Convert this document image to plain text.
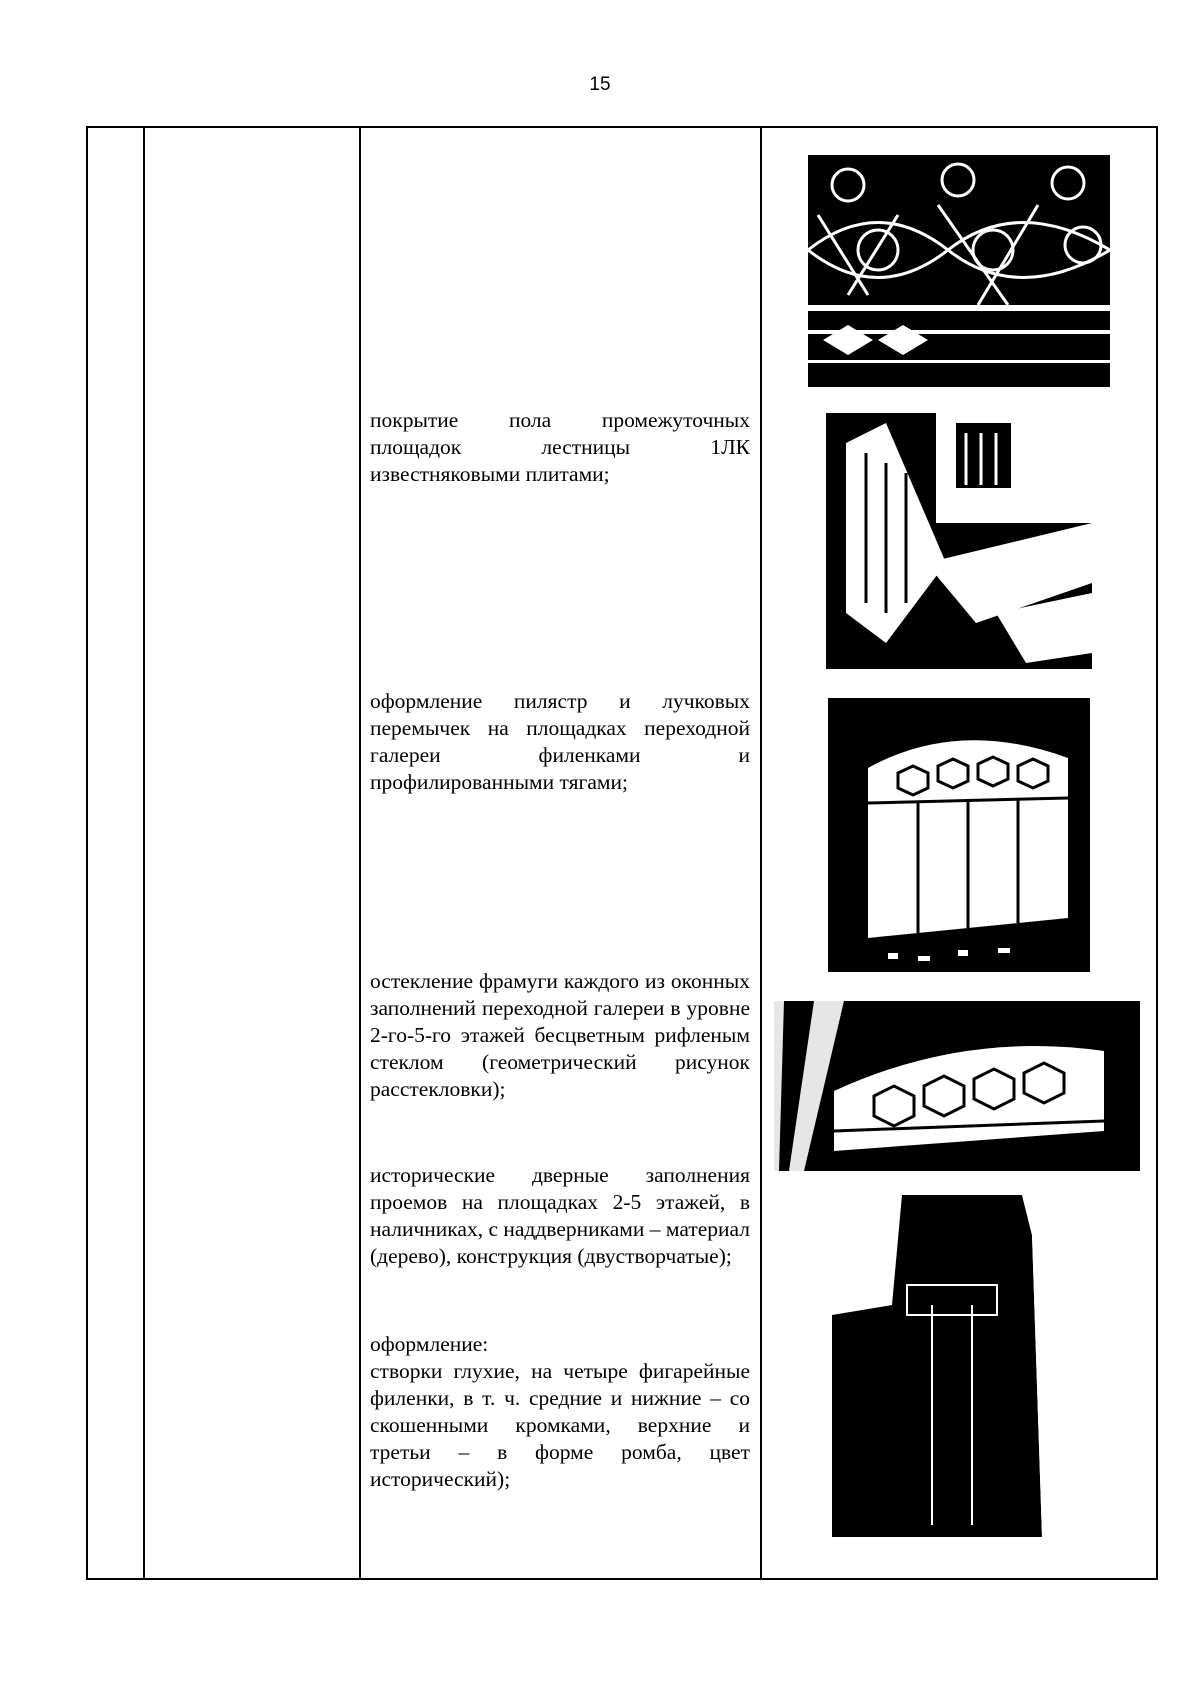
15

покрытие пола промежуточных площадок лестницы 1ЛК известняковыми плитами;

оформление пилястр и лучковых перемычек на площадках переходной галереи филенками и профилированными тягами;

остекление фрамуги каждого из оконных заполнений переходной галереи в уровне 2-го-5-го этажей бесцветным рифленым стеклом (геометрический рисунок расстекловки);

исторические дверные заполнения проемов на площадках 2-5 этажей, в наличниках, с наддверниками – материал (дерево), конструкция (двустворчатые);

оформление:

створки глухие, на четыре фигарейные филенки, в т. ч. средние и нижние – со скошенными кромками, верхние и третьи – в форме ромба, цвет исторический);
